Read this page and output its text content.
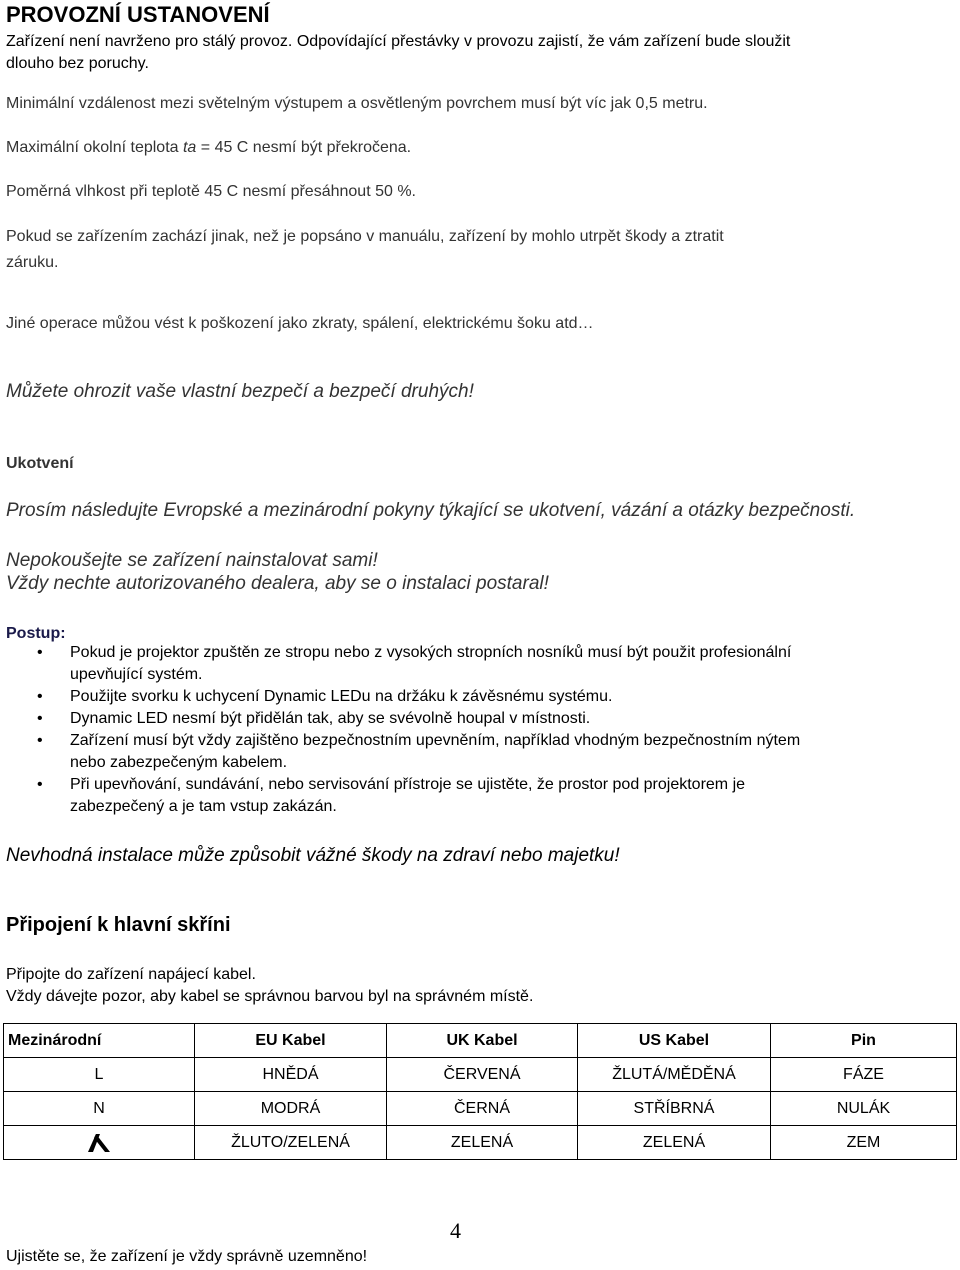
PROVOZNÍ USTANOVENÍ
Zařízení není navrženo pro stálý provoz. Odpovídající přestávky v provozu zajistí, že vám zařízení bude sloužit
dlouho bez poruchy.
Minimální vzdálenost mezi světelným výstupem a osvětleným povrchem musí být víc jak 0,5 metru.
Maximální okolní teplota ta = 45 C nesmí být překročena.
Poměrná vlhkost při teplotě 45 C nesmí přesáhnout 50 %.
Pokud se zařízením zachází jinak, než je popsáno v manuálu, zařízení by mohlo utrpět škody a ztratit
záruku.
Jiné operace můžou vést k poškození jako zkraty, spálení, elektrickému šoku atd…
Můžete ohrozit vaše vlastní bezpečí a bezpečí druhých!
Ukotvení
Prosím následujte Evropské a mezinárodní pokyny týkající se ukotvení, vázání a otázky bezpečnosti.
Nepokoušejte se zařízení nainstalovat sami!
Vždy nechte autorizovaného dealera, aby se o instalaci postaral!
Postup:
• Pokud je projektor zpuštěn ze stropu nebo z vysokých stropních nosníků musí být použit profesionální
upevňující systém.
• Použijte svorku k uchycení Dynamic LEDu na držáku k závěsnému systému.
• Dynamic LED nesmí být přidělán tak, aby se svévolně houpal v místnosti.
• Zařízení musí být vždy zajištěno bezpečnostním upevněním, například vhodným bezpečnostním nýtem
nebo zabezpečeným kabelem.
• Při upevňování, sundávání, nebo servisování přístroje se ujistěte, že prostor pod projektorem je
zabezpečený a je tam vstup zakázán.
Nevhodná instalace může způsobit vážné škody na zdraví nebo majetku!
Připojení k hlavní skříni
Připojte do zařízení napájecí kabel.
Vždy dávejte pozor, aby kabel se správnou barvou byl na správném místě.
Mezinárodní	EU Kabel	UK Kabel	US Kabel	Pin
L	HNĚDÁ	ČERVENÁ	ŽLUTÁ/MĚDĚNÁ	FÁZE
N	MODRÁ	ČERNÁ	STŘÍBRNÁ	NULÁK
	ŽLUTO/ZELENÁ	ZELENÁ	ZELENÁ	ZEM
4
Ujistěte se, že zařízení je vždy správně uzemněno!
